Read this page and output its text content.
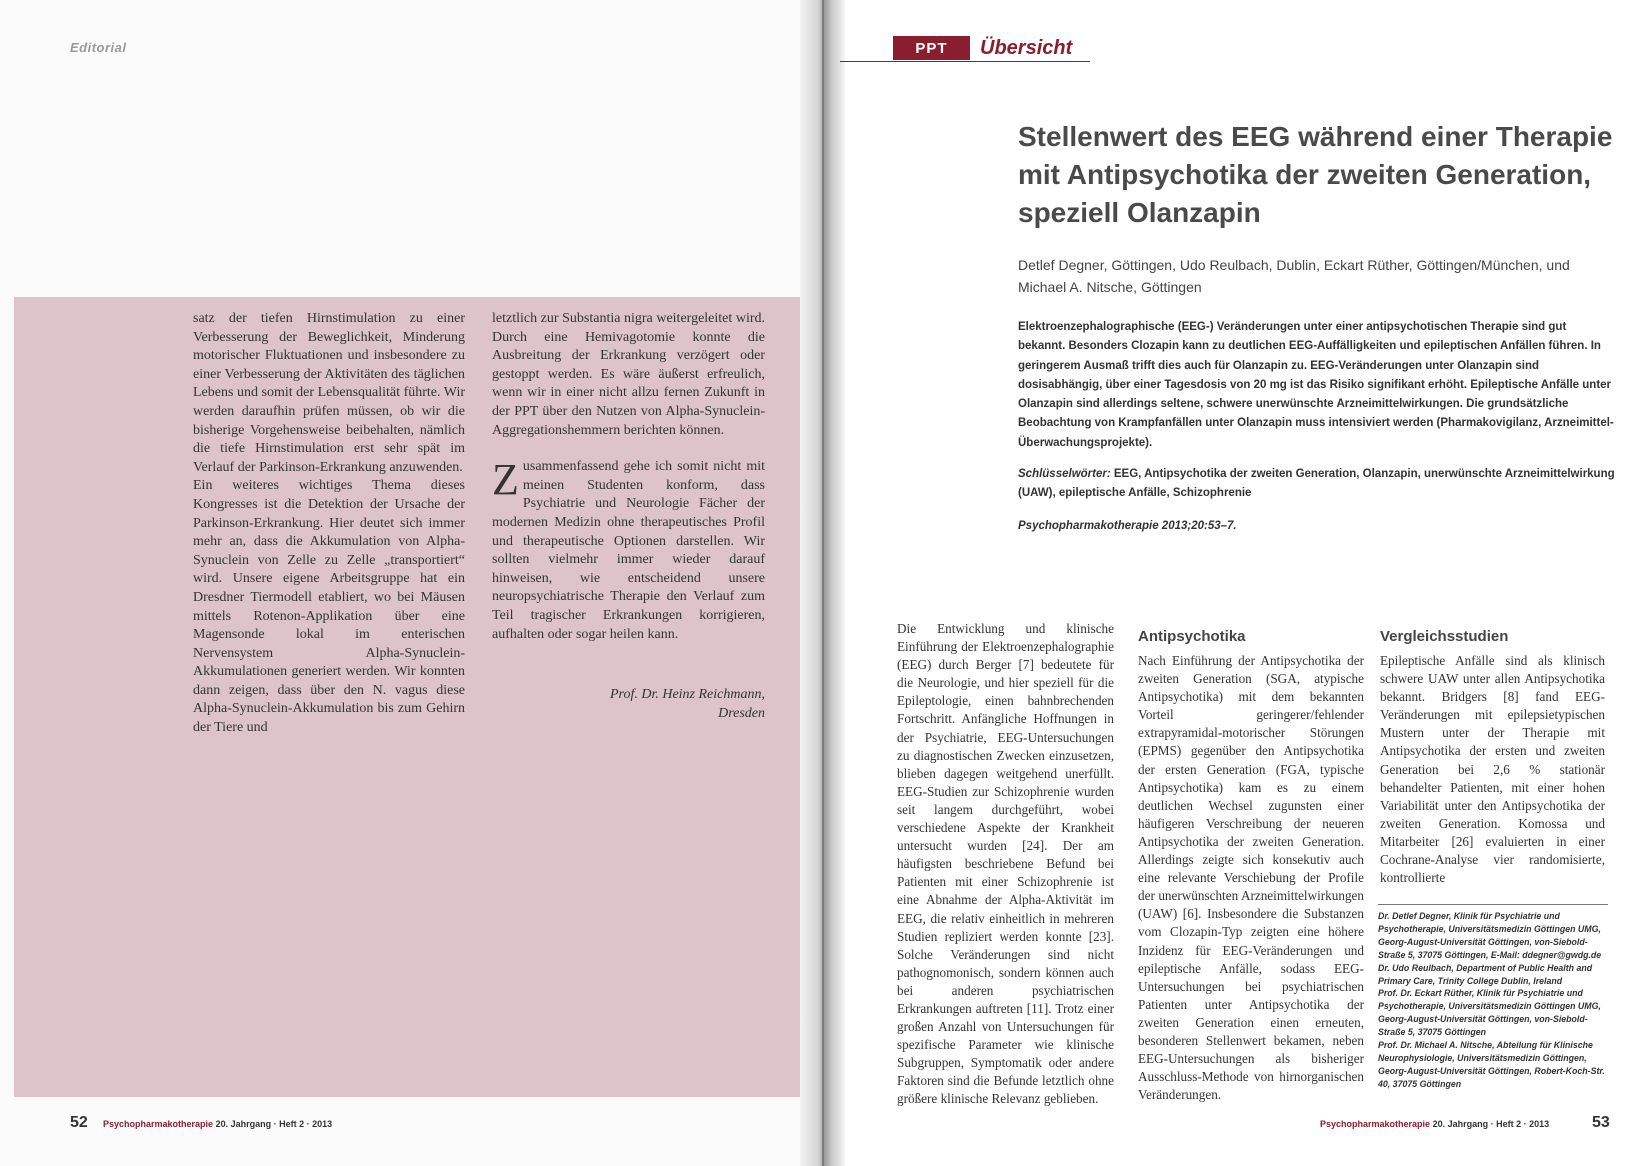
Editorial

satz der tiefen Hirnstimulation zu einer Verbesserung der Beweglichkeit, Minderung motorischer Fluktuationen und insbesondere zu einer Verbesserung der Aktivitäten des täglichen Lebens und somit der Lebensqualität führte. Wir werden daraufhin prüfen müssen, ob wir die bisherige Vorgehensweise beibehalten, nämlich die tiefe Hirnstimulation erst sehr spät im Verlauf der Parkinson-Erkrankung anzuwenden.

Ein weiteres wichtiges Thema dieses Kongresses ist die Detektion der Ursache der Parkinson-Erkrankung. Hier deutet sich immer mehr an, dass die Akkumulation von Alpha-Synuclein von Zelle zu Zelle „transportiert“ wird. Unsere eigene Arbeitsgruppe hat ein Dresdner Tiermodell etabliert, wo bei Mäusen mittels Rotenon-Applikation über eine Magensonde lokal im enterischen Nervensystem Alpha-Synuclein-Akkumulationen generiert werden. Wir konnten dann zeigen, dass über den N. vagus diese Alpha-Synuclein-Akkumulation bis zum Gehirn der Tiere und

letztlich zur Substantia nigra weitergeleitet wird. Durch eine Hemivagotomie konnte die Ausbreitung der Erkrankung verzögert oder gestoppt werden. Es wäre äußerst erfreulich, wenn wir in einer nicht allzu fernen Zukunft in der PPT über den Nutzen von Alpha-Synuclein-Aggregationshemmern berichten können.

Zusammenfassend gehe ich somit nicht mit meinen Studenten konform, dass Psychiatrie und Neurologie Fächer der modernen Medizin ohne therapeutisches Profil und therapeutische Optionen darstellen. Wir sollten vielmehr immer wieder darauf hinweisen, wie entscheidend unsere neuropsychiatrische Therapie den Verlauf zum Teil tragischer Erkrankungen korrigieren, aufhalten oder sogar heilen kann.

Prof. Dr. Heinz Reichmann,
Dresden
52 Psychopharmakotherapie 20. Jahrgang · Heft 2 · 2013
PPT	Übersicht
Stellenwert des EEG während einer Therapie mit Antipsychotika der zweiten Generation, speziell Olanzapin
Detlef Degner, Göttingen, Udo Reulbach, Dublin, Eckart Rüther, Göttingen/München, und Michael A. Nitsche, Göttingen
Elektroenzephalographische (EEG-) Veränderungen unter einer antipsychotischen Therapie sind gut bekannt. Besonders Clozapin kann zu deutlichen EEG-Auffälligkeiten und epileptischen Anfällen führen. In geringerem Ausmaß trifft dies auch für Olanzapin zu. EEG-Veränderungen unter Olanzapin sind dosisabhängig, über einer Tagesdosis von 20 mg ist das Risiko signifikant erhöht. Epileptische Anfälle unter Olanzapin sind allerdings seltene, schwere unerwünschte Arzneimittelwirkungen. Die grundsätzliche Beobachtung von Krampfanfällen unter Olanzapin muss intensiviert werden (Pharmakovigilanz, Arzneimittel-Überwachungsprojekte).
Schlüsselwörter: EEG, Antipsychotika der zweiten Generation, Olanzapin, unerwünschte Arzneimittelwirkung (UAW), epileptische Anfälle, Schizophrenie
Psychopharmakotherapie 2013;20:53–7.

Die Entwicklung und klinische Einführung der Elektroenzephalographie (EEG) durch Berger [7] bedeutete für die Neurologie, und hier speziell für die Epileptologie, einen bahnbrechenden Fortschritt. Anfängliche Hoffnungen in der Psychiatrie, EEG-Untersuchungen zu diagnostischen Zwecken einzusetzen, blieben dagegen weitgehend unerfüllt. EEG-Studien zur Schizophrenie wurden seit langem durchgeführt, wobei verschiedene Aspekte der Krankheit untersucht wurden [24]. Der am häufigsten beschriebene Befund bei Patienten mit einer Schizophrenie ist eine Abnahme der Alpha-Aktivität im EEG, die relativ einheitlich in mehreren Studien repliziert werden konnte [23]. Solche Veränderungen sind nicht pathognomonisch, sondern können auch bei anderen psychiatrischen Erkrankungen auftreten [11]. Trotz einer großen Anzahl von Untersuchungen für spezifische Parameter wie klinische Subgruppen, Symptomatik oder andere Faktoren sind die Befunde letztlich ohne größere klinische Relevanz geblieben.

Antipsychotika

Nach Einführung der Antipsychotika der zweiten Generation (SGA, atypische Antipsychotika) mit dem bekannten Vorteil geringerer/fehlender extrapyramidal-motorischer Störungen (EPMS) gegenüber den Antipsychotika der ersten Generation (FGA, typische Antipsychotika) kam es zu einem deutlichen Wechsel zugunsten einer häufigeren Verschreibung der neueren Antipsychotika der zweiten Generation. Allerdings zeigte sich konsekutiv auch eine relevante Verschiebung der Profile der unerwünschten Arzneimittelwirkungen (UAW) [6]. Insbesondere die Substanzen vom Clozapin-Typ zeigten eine höhere Inzidenz für EEG-Veränderungen und epileptische Anfälle, sodass EEG-Untersuchungen bei psychiatrischen Patienten unter Antipsychotika der zweiten Generation einen erneuten, besonderen Stellenwert bekamen, neben EEG-Untersuchungen als bisheriger Ausschluss-Methode von hirnorganischen Veränderungen.

Vergleichsstudien

Epileptische Anfälle sind als klinisch schwere UAW unter allen Antipsychotika bekannt. Bridgers [8] fand EEG-Veränderungen mit epilepsietypischen Mustern unter der Therapie mit Antipsychotika der ersten und zweiten Generation bei 2,6 % stationär behandelter Patienten, mit einer hohen Variabilität unter den Antipsychotika der zweiten Generation. Komossa und Mitarbeiter [26] evaluierten in einer Cochrane-Analyse vier randomisierte, kontrollierte

Dr. Detlef Degner, Klinik für Psychiatrie und Psychotherapie, Universitätsmedizin Göttingen UMG, Georg-August-Universität Göttingen, von-Siebold-Straße 5, 37075 Göttingen, E-Mail: ddegner@gwdg.de

Dr. Udo Reulbach, Department of Public Health and Primary Care, Trinity College Dublin, Ireland

Prof. Dr. Eckart Rüther, Klinik für Psychiatrie und Psychotherapie, Universitätsmedizin Göttingen UMG, Georg-August-Universität Göttingen, von-Siebold-Straße 5, 37075 Göttingen

Prof. Dr. Michael A. Nitsche, Abteilung für Klinische Neurophysiologie, Universitätsmedizin Göttingen, Georg-August-Universität Göttingen, Robert-Koch-Str. 40, 37075 Göttingen

Psychopharmakotherapie 20. Jahrgang · Heft 2 · 2013	53
